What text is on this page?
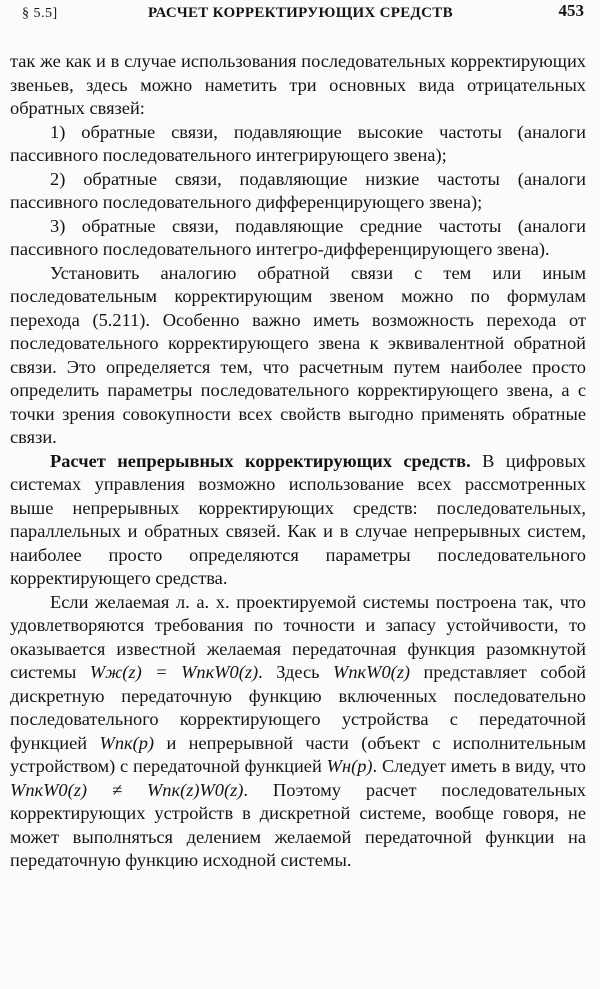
§ 5.5]	РАСЧЕТ КОРРЕКТИРУЮЩИХ СРЕДСТВ	453

так же как и в случае использования последовательных корректирующих звеньев, здесь можно наметить три основных вида отрицательных обратных связей:

1) обратные связи, подавляющие высокие частоты (аналоги пассивного последовательного интегрирующего звена);

2) обратные связи, подавляющие низкие частоты (аналоги пассивного последовательного дифференцирующего звена);

3) обратные связи, подавляющие средние частоты (аналоги пассивного последовательного интегро-дифференцирующего звена).

Установить аналогию обратной связи с тем или иным последовательным корректирующим звеном можно по формулам перехода (5.211). Особенно важно иметь возможность перехода от последовательного корректирующего звена к эквивалентной обратной связи. Это определяется тем, что расчетным путем наиболее просто определить параметры последовательного корректирующего звена, а с точки зрения совокупности всех свойств выгодно применять обратные связи.

Расчет непрерывных корректирующих средств. В цифровых системах управления возможно использование всех рассмотренных выше непрерывных корректирующих средств: последовательных, параллельных и обратных связей. Как и в случае непрерывных систем, наиболее просто определяются параметры последовательного корректирующего средства.

Если желаемая л. а. х. проектируемой системы построена так, что удовлетворяются требования по точности и запасу устойчивости, то оказывается известной желаемая передаточная функция разомкнутой системы Wж(z) = WпкW0(z). Здесь WпкW0(z) представляет собой дискретную передаточную функцию включенных последовательно последовательного корректирующего устройства с передаточной функцией Wпк(p) и непрерывной части (объект с исполнительным устройством) с передаточной функцией Wн(p). Следует иметь в виду, что WпкW0(z) ≠ Wпк(z)W0(z). Поэтому расчет последовательных корректирующих устройств в дискретной системе, вообще говоря, не может выполняться делением желаемой передаточной функции на передаточную функцию исходной системы.
